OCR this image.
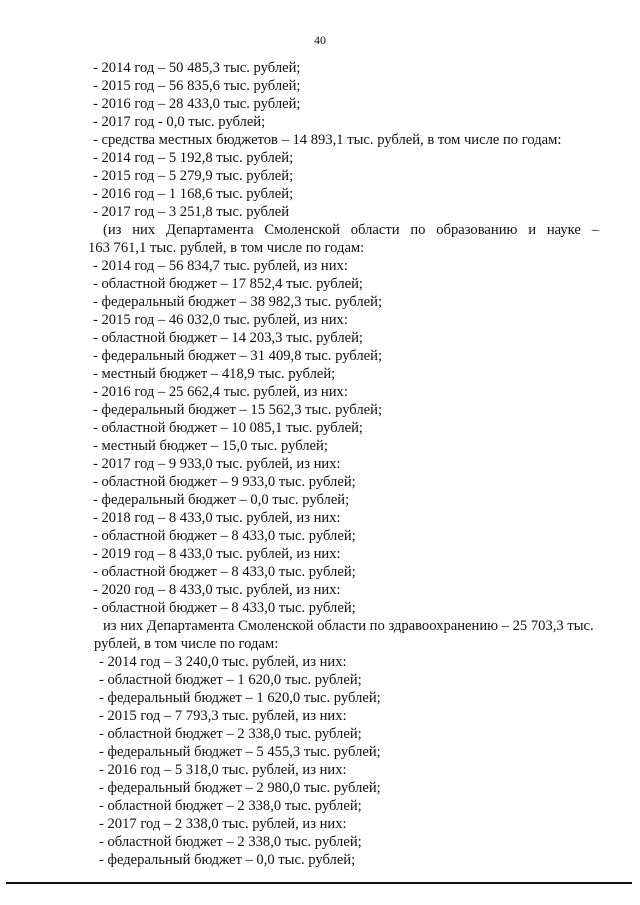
40
- 2014 год – 50 485,3 тыс. рублей;
- 2015 год – 56 835,6 тыс. рублей;
- 2016 год – 28 433,0 тыс. рублей;
- 2017 год - 0,0 тыс. рублей;
- средства местных бюджетов – 14 893,1 тыс. рублей, в том числе по годам:
- 2014 год – 5 192,8 тыс. рублей;
- 2015 год – 5 279,9 тыс. рублей;
- 2016 год – 1 168,6 тыс. рублей;
- 2017 год – 3 251,8 тыс. рублей
(из них Департамента Смоленской области по образованию и науке –
163 761,1 тыс. рублей, в том числе по годам:
- 2014 год – 56 834,7 тыс. рублей, из них:
- областной бюджет – 17 852,4 тыс. рублей;
- федеральный бюджет – 38 982,3 тыс. рублей;
- 2015 год – 46 032,0 тыс. рублей, из них:
- областной бюджет – 14 203,3 тыс. рублей;
- федеральный бюджет – 31 409,8 тыс. рублей;
- местный бюджет – 418,9 тыс. рублей;
- 2016 год – 25 662,4 тыс. рублей, из них:
- федеральный бюджет – 15 562,3 тыс. рублей;
- областной бюджет – 10 085,1 тыс. рублей;
- местный бюджет – 15,0 тыс. рублей;
- 2017 год – 9 933,0 тыс. рублей, из них:
- областной бюджет – 9 933,0 тыс. рублей;
- федеральный бюджет – 0,0 тыс. рублей;
- 2018 год – 8 433,0 тыс. рублей, из них:
- областной бюджет – 8 433,0 тыс. рублей;
- 2019 год – 8 433,0 тыс. рублей, из них:
- областной бюджет – 8 433,0 тыс. рублей;
- 2020 год – 8 433,0 тыс. рублей, из них:
- областной бюджет – 8 433,0 тыс. рублей;
из них Департамента Смоленской области по здравоохранению – 25 703,3 тыс.
рублей, в том числе по годам:
- 2014 год – 3 240,0 тыс. рублей, из них:
- областной бюджет – 1 620,0 тыс. рублей;
- федеральный бюджет – 1 620,0 тыс. рублей;
- 2015 год – 7 793,3 тыс. рублей, из них:
- областной бюджет – 2 338,0 тыс. рублей;
- федеральный бюджет – 5 455,3 тыс. рублей;
- 2016 год – 5 318,0 тыс. рублей, из них:
- федеральный бюджет – 2 980,0 тыс. рублей;
- областной бюджет – 2 338,0 тыс. рублей;
- 2017 год – 2 338,0 тыс. рублей, из них:
- областной бюджет – 2 338,0 тыс. рублей;
- федеральный бюджет – 0,0 тыс. рублей;
